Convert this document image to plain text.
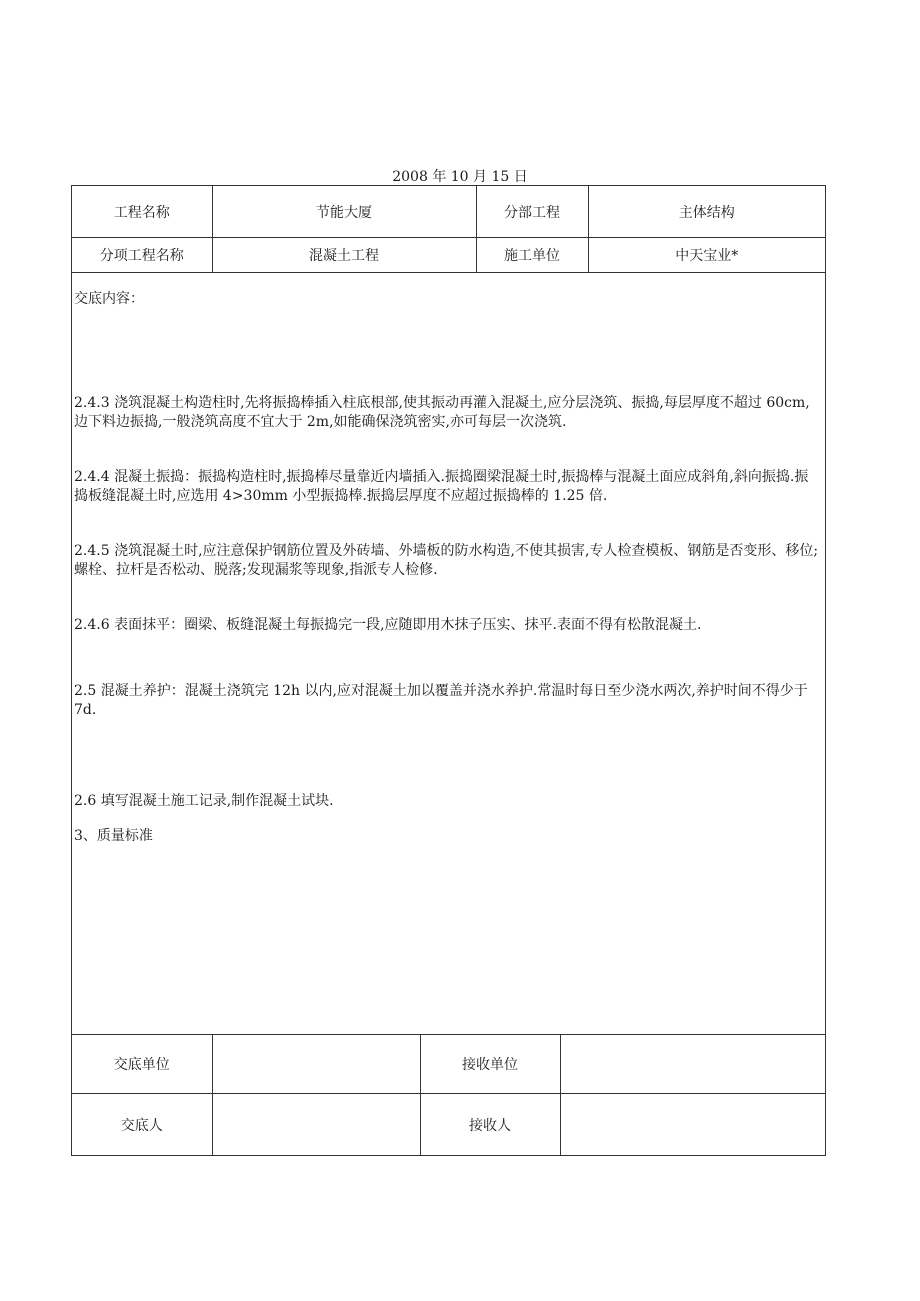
2008 年 10 月 15 日
工程名称	节能大厦	分部工程	主体结构
分项工程名称	混凝土工程	施工单位	中天宝业*

交底内容：

2.4.3 浇筑混凝土构造柱时,先将振捣棒插入柱底根部,使其振动再灌入混凝土,应分层浇筑、振捣,每层厚度不超过 60cm,边下料边振捣,一般浇筑高度不宜大于 2m,如能确保浇筑密实,亦可每层一次浇筑.

2.4.4 混凝土振捣：振捣构造柱时,振捣棒尽量靠近内墙插入.振捣圈梁混凝土时,振捣棒与混凝土面应成斜角,斜向振捣.振捣板缝混凝土时,应选用 4>30mm 小型振捣棒.振捣层厚度不应超过振捣棒的 1.25 倍.

2.4.5 浇筑混凝土时,应注意保护钢筋位置及外砖墙、外墙板的防水构造,不使其损害,专人检查模板、钢筋是否变形、移位;螺栓、拉杆是否松动、脱落;发现漏浆等现象,指派专人检修.

2.4.6 表面抹平：圈梁、板缝混凝土每振捣完一段,应随即用木抹子压实、抹平.表面不得有松散混凝土.

2.5 混凝土养护：混凝土浇筑完 12h 以内,应对混凝土加以覆盖并浇水养护.常温时每日至少浇水两次,养护时间不得少于 7d.

2.6 填写混凝土施工记录,制作混凝土试块.

3、质量标准

交底单位		接收单位	
交底人		接收人	
